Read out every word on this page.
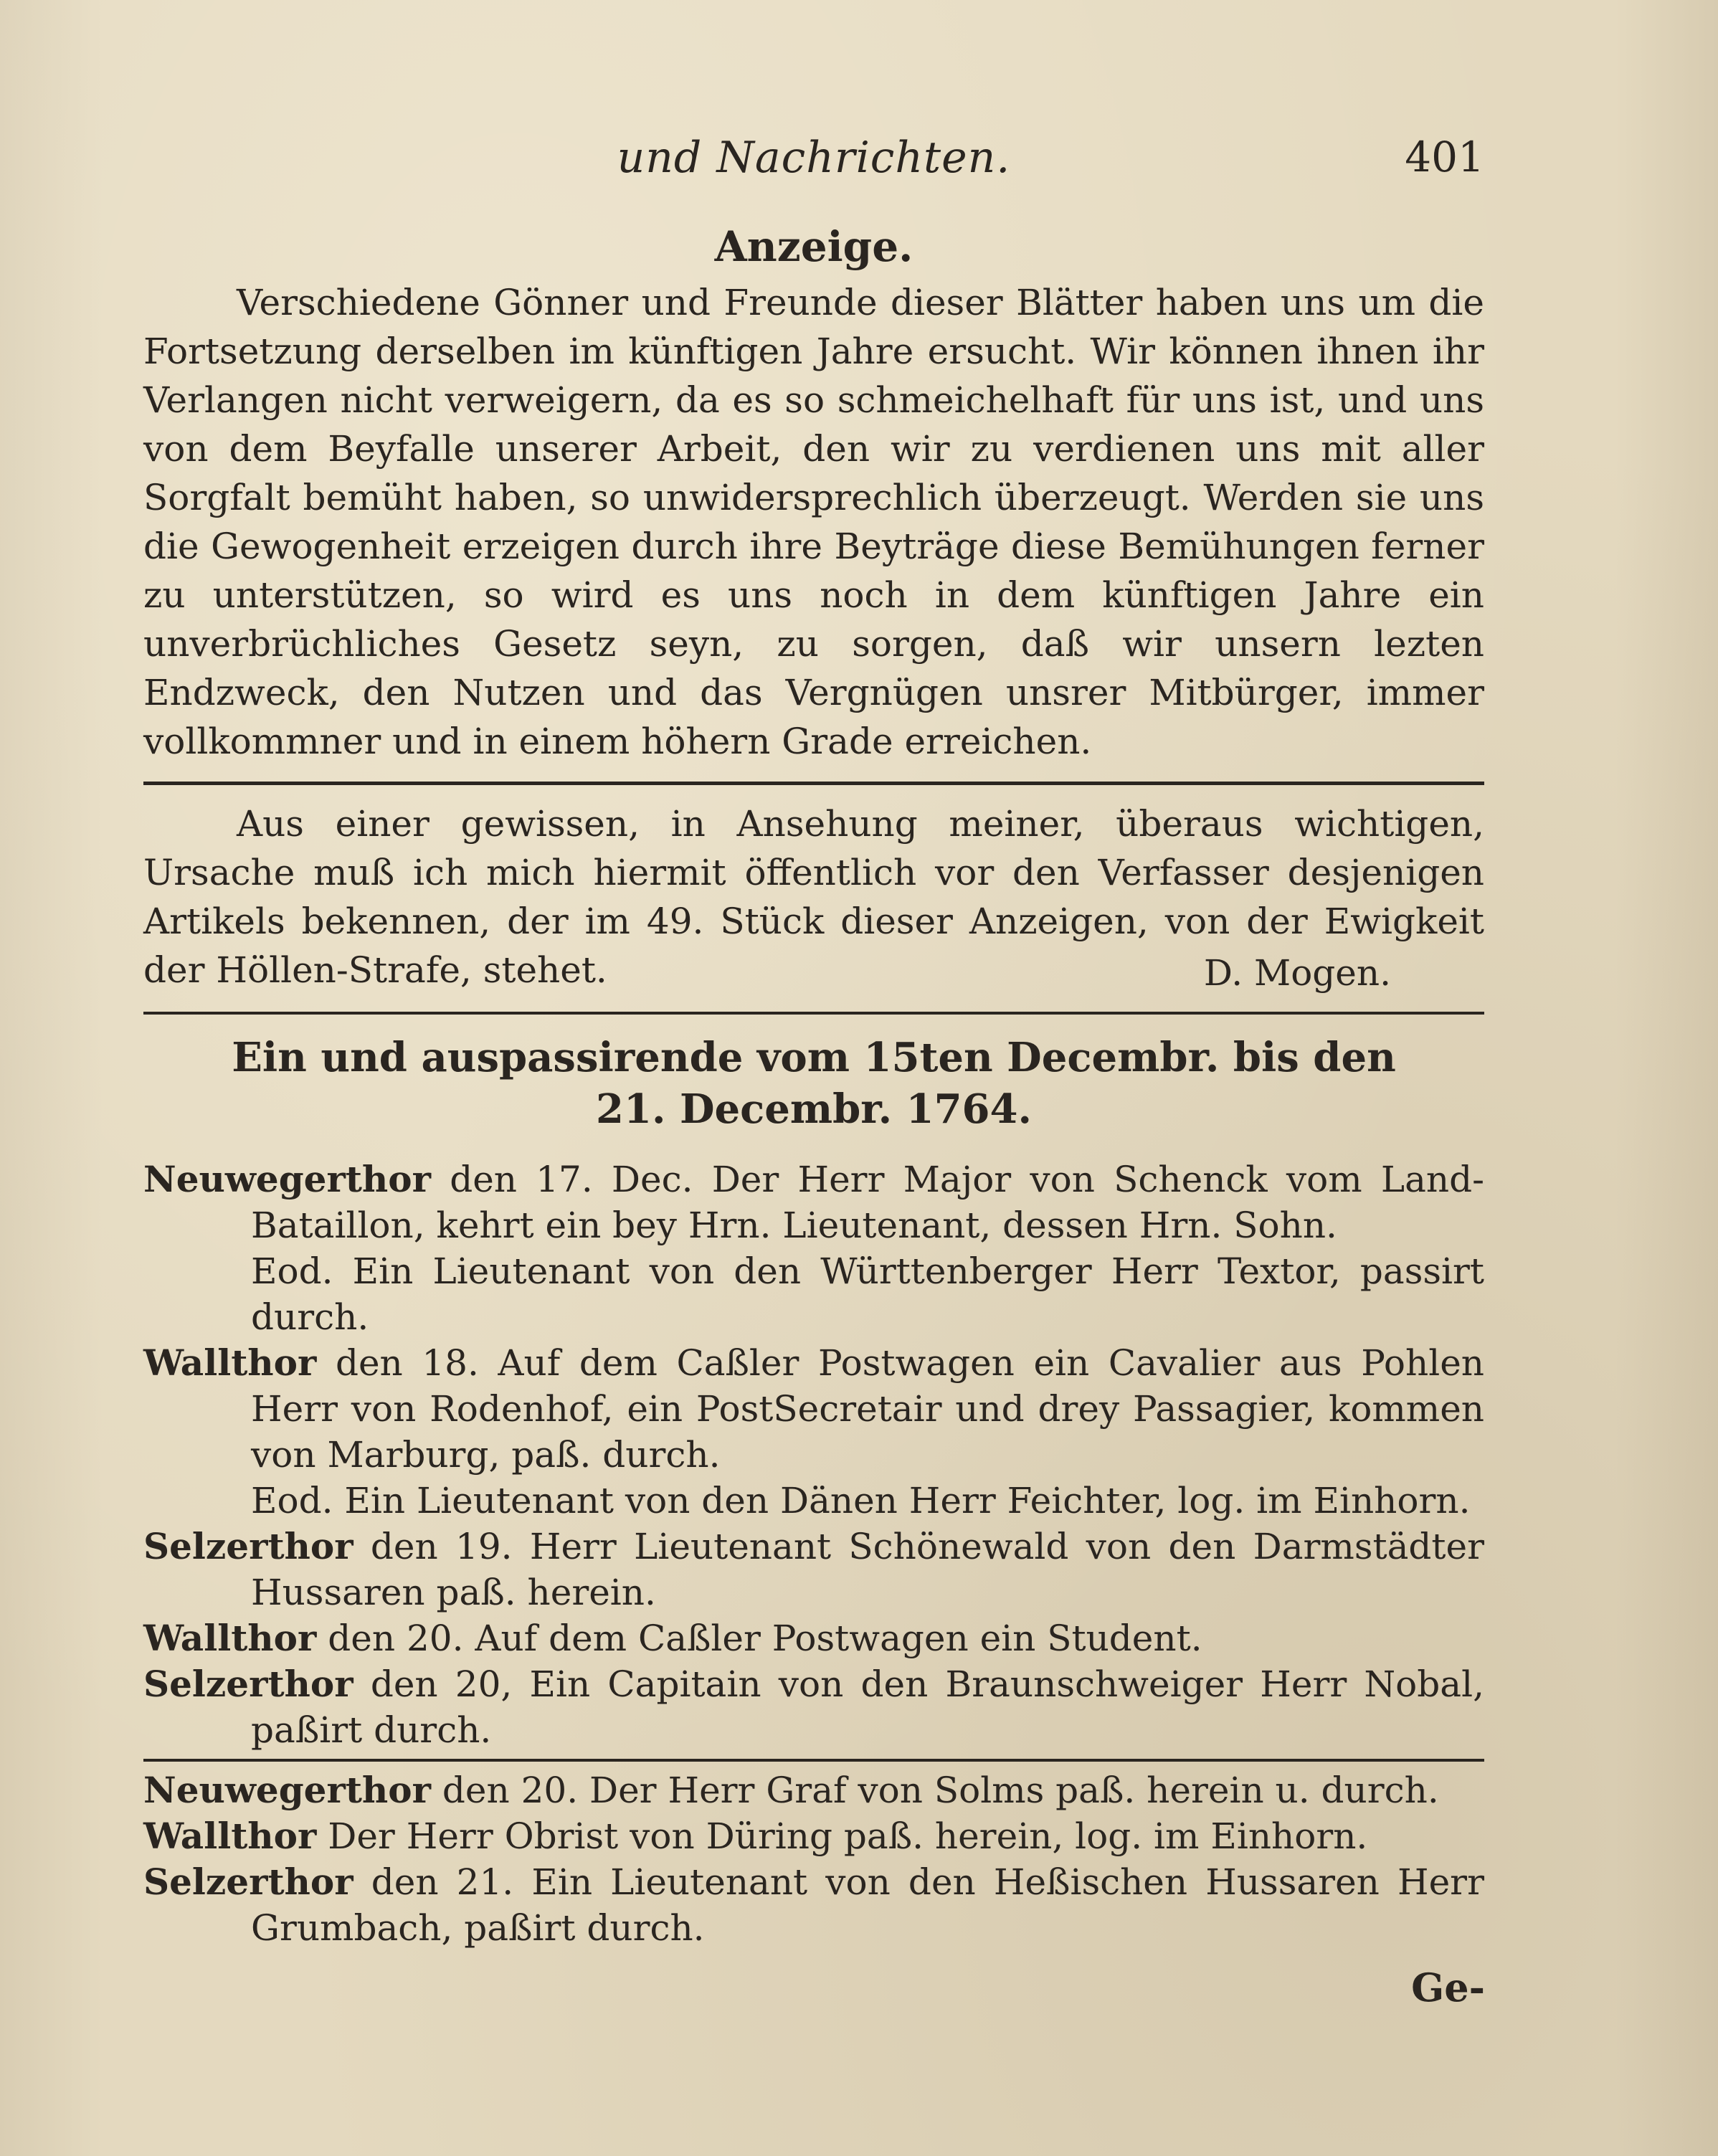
und Nachrichten.	401
Anzeige.

Verschiedene Gönner und Freunde dieser Blätter haben uns um die Fortsetzung derselben im künftigen Jahre ersucht. Wir können ihnen ihr Verlangen nicht verweigern, da es so schmeichelhaft für uns ist, und uns von dem Beyfalle unserer Arbeit, den wir zu verdienen uns mit aller Sorgfalt bemüht haben, so unwidersprechlich überzeugt. Werden sie uns die Gewogenheit erzeigen durch ihre Beyträge diese Bemühungen ferner zu unterstützen, so wird es uns noch in dem künftigen Jahre ein unverbrüchliches Gesetz seyn, zu sorgen, daß wir unsern lezten Endzweck, den Nutzen und das Vergnügen unsrer Mitbürger, immer vollkommner und in einem höhern Grade erreichen.

Aus einer gewissen, in Ansehung meiner, überaus wichtigen, Ursache muß ich mich hiermit öffentlich vor den Verfasser desjenigen Artikels bekennen, der im 49. Stück dieser Anzeigen, von der Ewigkeit der Höllen-Strafe, stehet.	D. Mogen.
Ein und auspassirende vom 15ten Decembr. bis den
21. Decembr. 1764.

Neuwegerthor den 17. Dec. Der Herr Major von Schenck vom Land-Bataillon, kehrt ein bey Hrn. Lieutenant, dessen Hrn. Sohn.

Eod. Ein Lieutenant von den Württenberger Herr Textor, passirt durch.

Wallthor den 18. Auf dem Caßler Postwagen ein Cavalier aus Pohlen Herr von Rodenhof, ein PostSecretair und drey Passagier, kommen von Marburg, paß. durch.

Eod. Ein Lieutenant von den Dänen Herr Feichter, log. im Einhorn.

Selzerthor den 19. Herr Lieutenant Schönewald von den Darmstädter Hussaren paß. herein.

Wallthor den 20. Auf dem Caßler Postwagen ein Student.

Selzerthor den 20, Ein Capitain von den Braunschweiger Herr Nobal, paßirt durch.

Neuwegerthor den 20. Der Herr Graf von Solms paß. herein u. durch.

Wallthor Der Herr Obrist von Düring paß. herein, log. im Einhorn.

Selzerthor den 21. Ein Lieutenant von den Heßischen Hussaren Herr Grumbach, paßirt durch.

Ge-
